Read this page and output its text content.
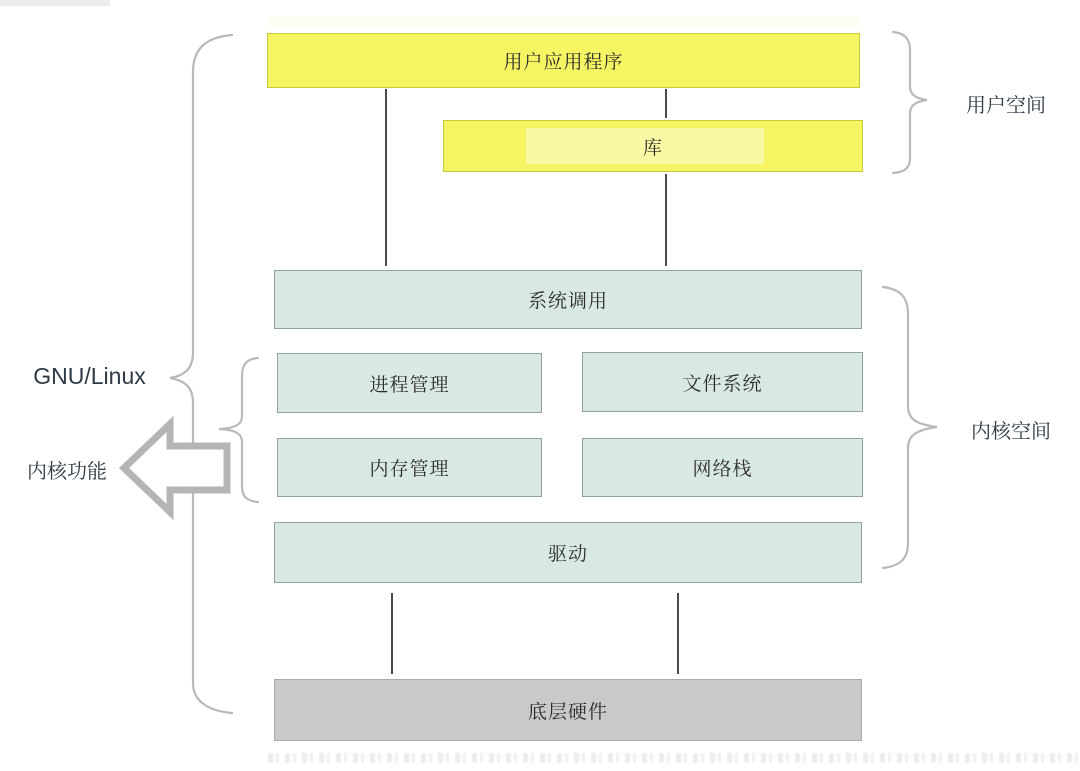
用户应用程序
库
系统调用
进程管理	文件系统
内存管理	网络栈
驱动
底层硬件
GNU/Linux
内核功能
用户空间
内核空间
